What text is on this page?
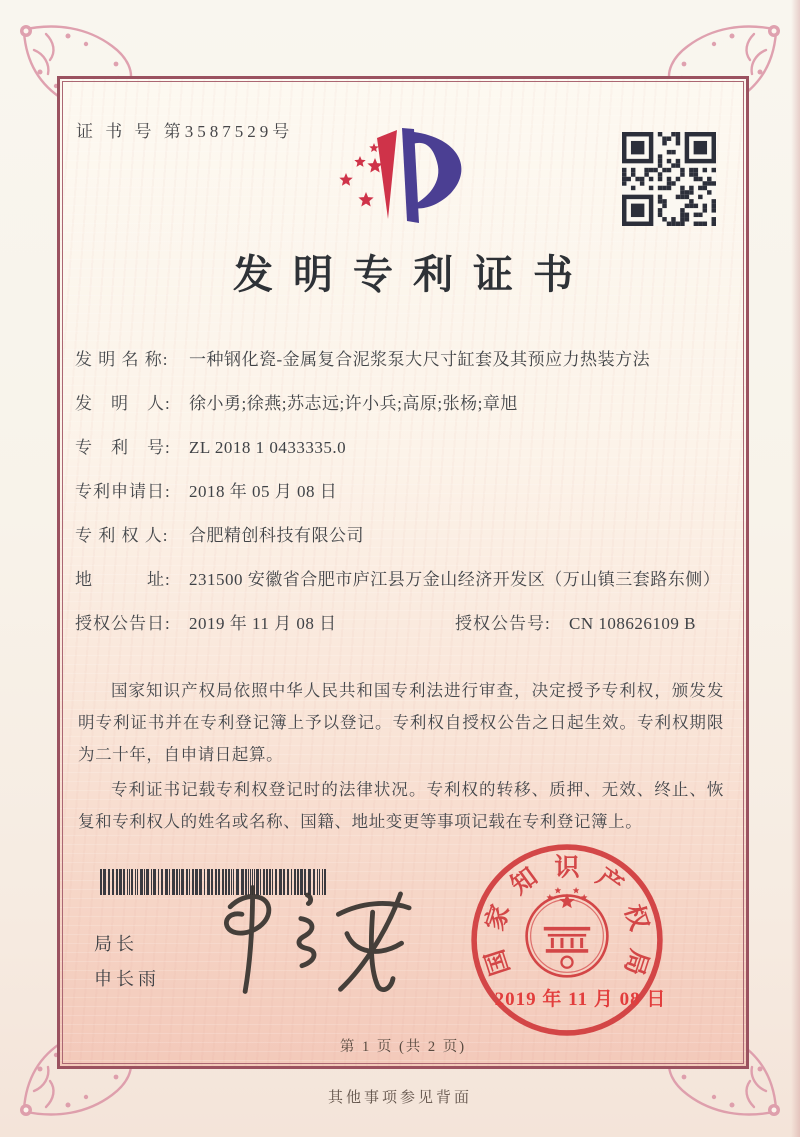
证 书 号 第3587529号
发明专利证书
发 明 名 称:	一种钢化瓷-金属复合泥浆泵大尺寸缸套及其预应力热装方法
发　明　人:	徐小勇;徐燕;苏志远;许小兵;高原;张杨;章旭
专　利　号:	ZL 2018 1 0433335.0
专利申请日:	2018 年 05 月 08 日
专 利 权 人:	合肥精创科技有限公司
地　　　址:	231500 安徽省合肥市庐江县万金山经济开发区（万山镇三套路东侧）
授权公告日:	2019 年 11 月 08 日	授权公告号:	CN 108626109 B

国家知识产权局依照中华人民共和国专利法进行审查，决定授予专利权，颁发发明专利证书并在专利登记簿上予以登记。专利权自授权公告之日起生效。专利权期限为二十年，自申请日起算。

专利证书记载专利权登记时的法律状况。专利权的转移、质押、无效、终止、恢复和专利权人的姓名或名称、国籍、地址变更等事项记载在专利登记簿上。

局长
申长雨
国
家
知 识 产
权
局
2019 年 11 月 08 日
第 1 页 (共 2 页)
其他事项参见背面
